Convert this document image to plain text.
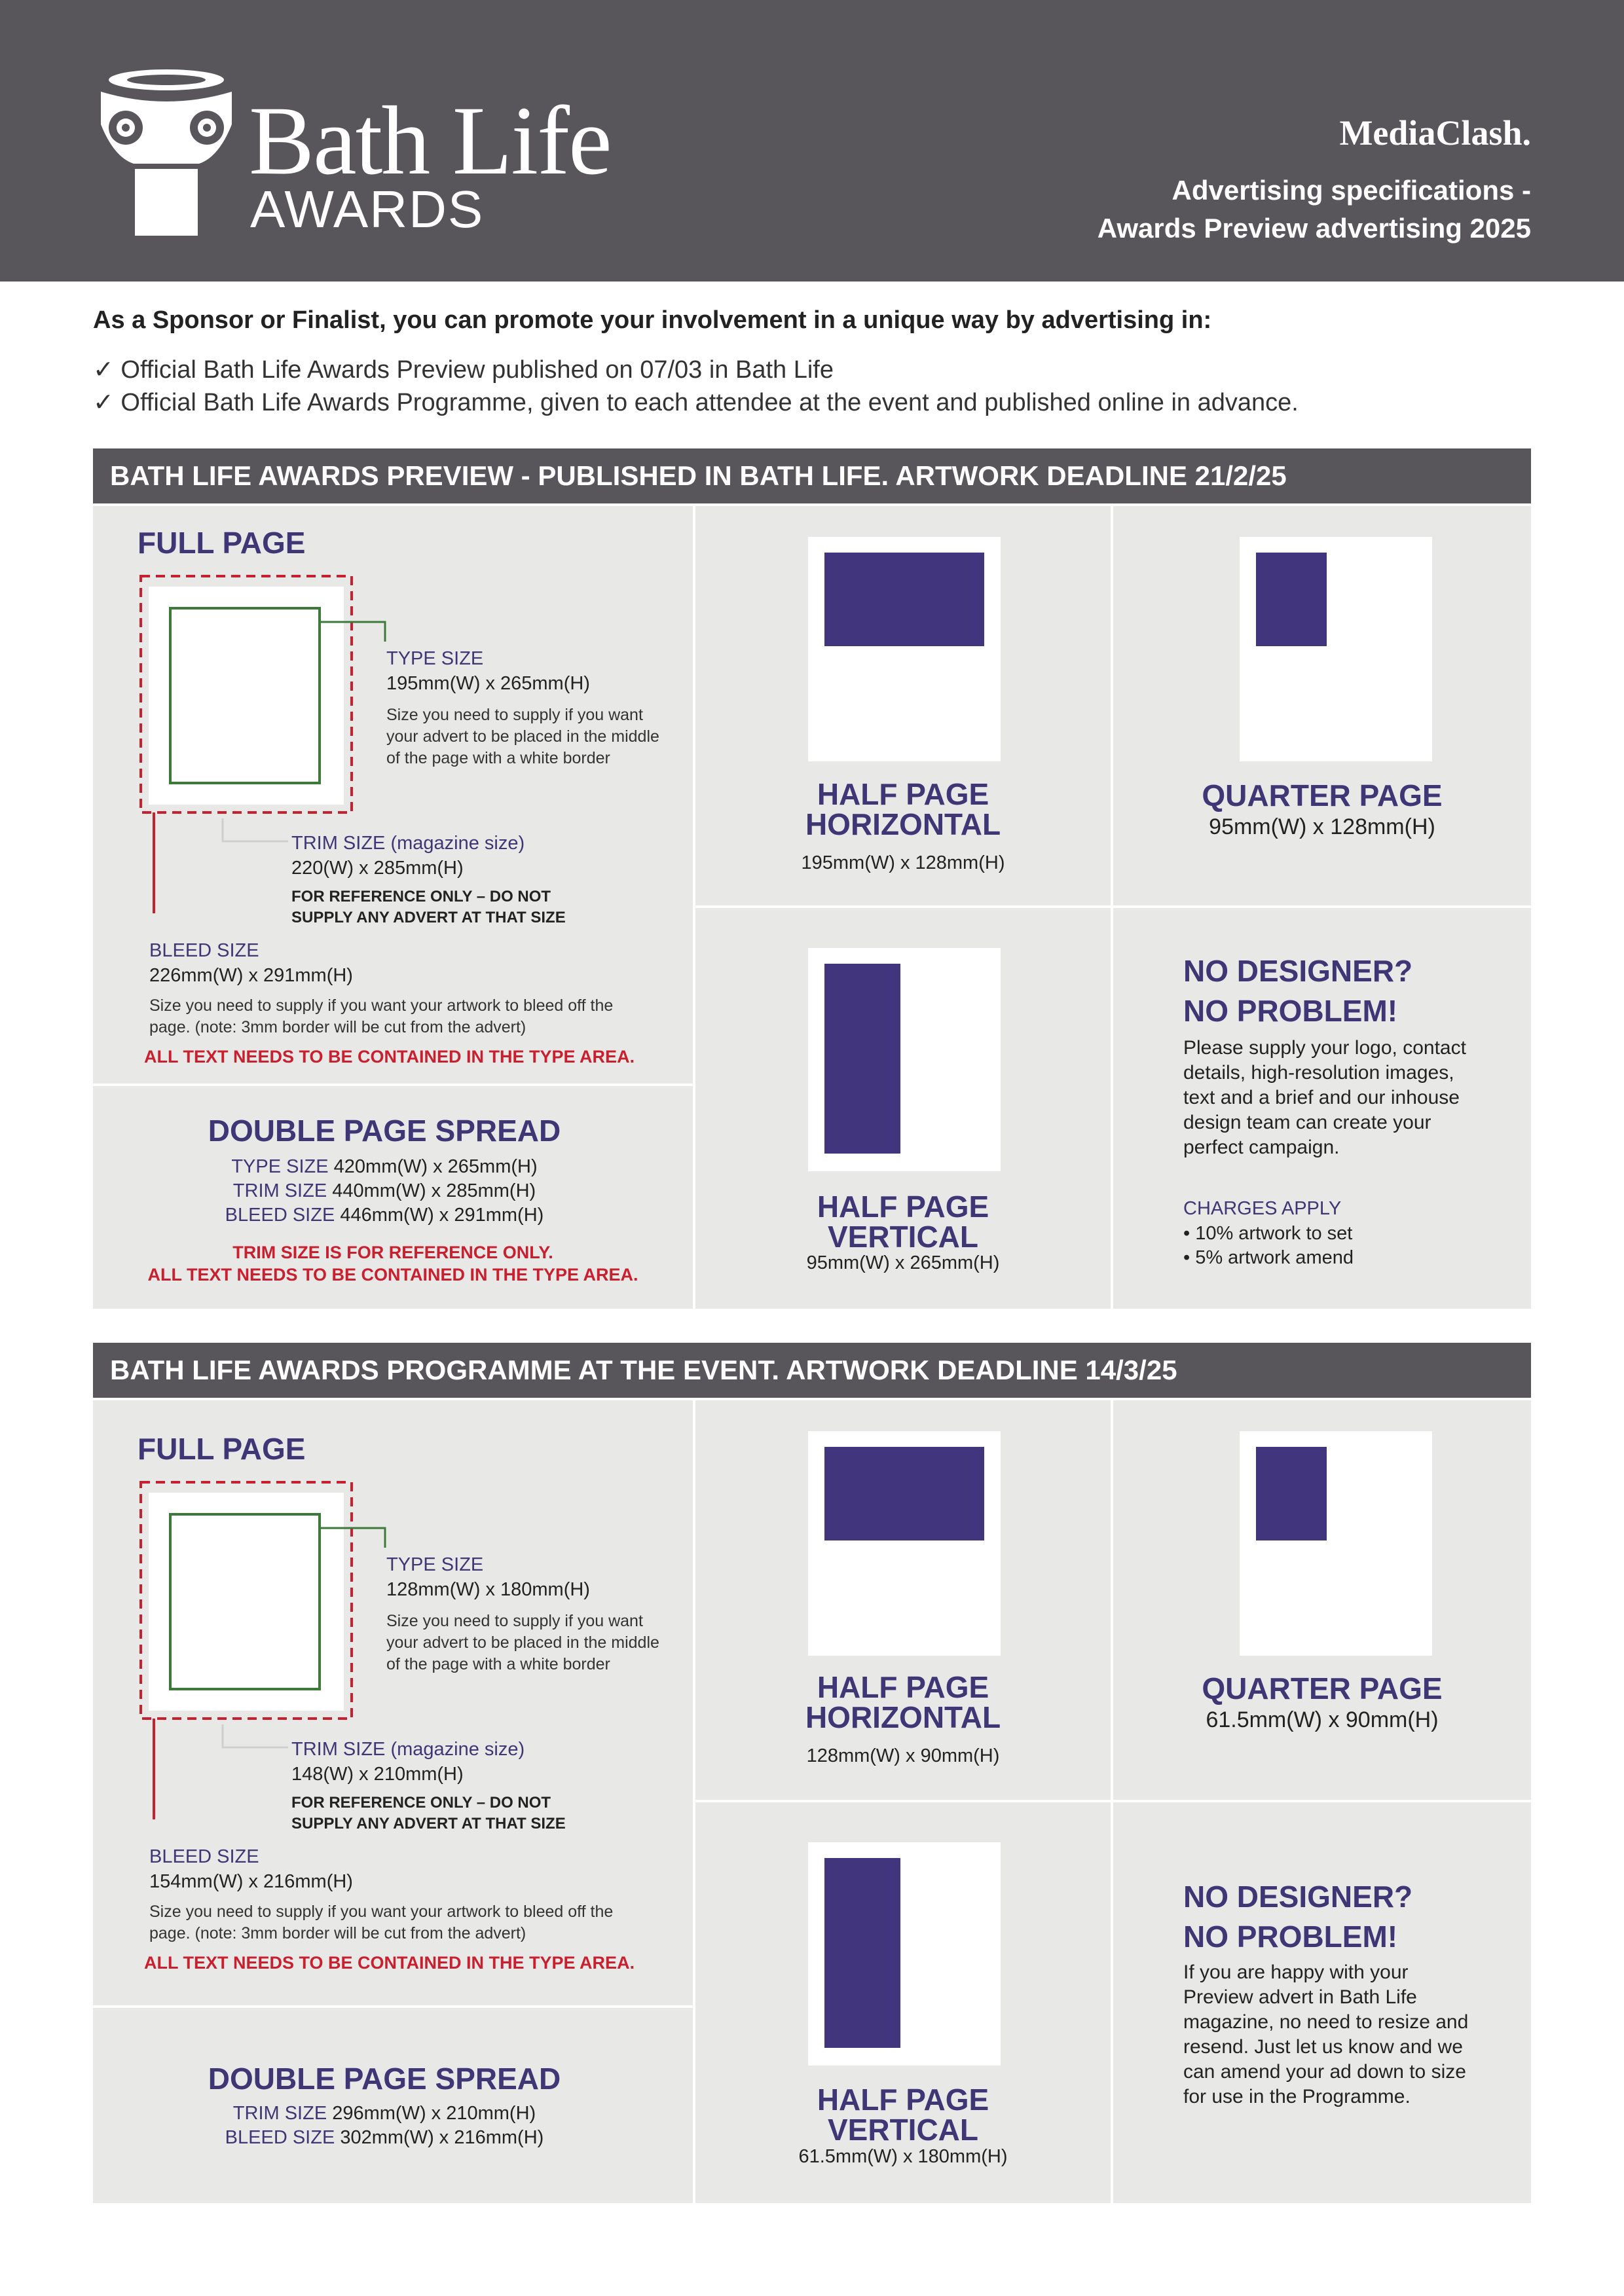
Bath Life
AWARDS
MediaClash.
Advertising specifications -
Awards Preview advertising 2025
As a Sponsor or Finalist, you can promote your involvement in a unique way by advertising in:
✓ Official Bath Life Awards Preview published on 07/03 in Bath Life
✓ Official Bath Life Awards Programme, given to each attendee at the event and published online in advance.
BATH LIFE AWARDS PREVIEW - PUBLISHED IN BATH LIFE. ARTWORK DEADLINE 21/2/25
FULL PAGE
TYPE SIZE
195mm(W) x 265mm(H)
Size you need to supply if you want your advert to be placed in the middle of the page with a white border
TRIM SIZE (magazine size)
220(W) x 285mm(H)
FOR REFERENCE ONLY – DO NOT
SUPPLY ANY ADVERT AT THAT SIZE
BLEED SIZE
226mm(W) x 291mm(H)
Size you need to supply if you want your artwork to bleed off the
page. (note: 3mm border will be cut from the advert)
ALL TEXT NEEDS TO BE CONTAINED IN THE TYPE AREA.
DOUBLE PAGE SPREAD
TYPE SIZE 420mm(W) x 265mm(H)
TRIM SIZE 440mm(W) x 285mm(H)
BLEED SIZE 446mm(W) x 291mm(H)
TRIM SIZE IS FOR REFERENCE ONLY.
ALL TEXT NEEDS TO BE CONTAINED IN THE TYPE AREA.
HALF PAGE
HORIZONTAL
195mm(W) x 128mm(H)
QUARTER PAGE
95mm(W) x 128mm(H)
HALF PAGE
VERTICAL
95mm(W) x 265mm(H)
NO DESIGNER?
NO PROBLEM!
Please supply your logo, contact details, high-resolution images, text and a brief and our inhouse design team can create your perfect campaign.
CHARGES APPLY
• 10% artwork to set
• 5% artwork amend
BATH LIFE AWARDS PROGRAMME AT THE EVENT. ARTWORK DEADLINE 14/3/25
FULL PAGE
TYPE SIZE
128mm(W) x 180mm(H)
Size you need to supply if you want your advert to be placed in the middle of the page with a white border
TRIM SIZE (magazine size)
148(W) x 210mm(H)
FOR REFERENCE ONLY – DO NOT
SUPPLY ANY ADVERT AT THAT SIZE
BLEED SIZE
154mm(W) x 216mm(H)
Size you need to supply if you want your artwork to bleed off the
page. (note: 3mm border will be cut from the advert)
ALL TEXT NEEDS TO BE CONTAINED IN THE TYPE AREA.
DOUBLE PAGE SPREAD
TRIM SIZE 296mm(W) x 210mm(H)
BLEED SIZE 302mm(W) x 216mm(H)
HALF PAGE
HORIZONTAL
128mm(W) x 90mm(H)
QUARTER PAGE
61.5mm(W) x 90mm(H)
HALF PAGE
VERTICAL
61.5mm(W) x 180mm(H)
NO DESIGNER?
NO PROBLEM!
If you are happy with your Preview advert in Bath Life magazine, no need to resize and resend. Just let us know and we can amend your ad down to size for use in the Programme.
